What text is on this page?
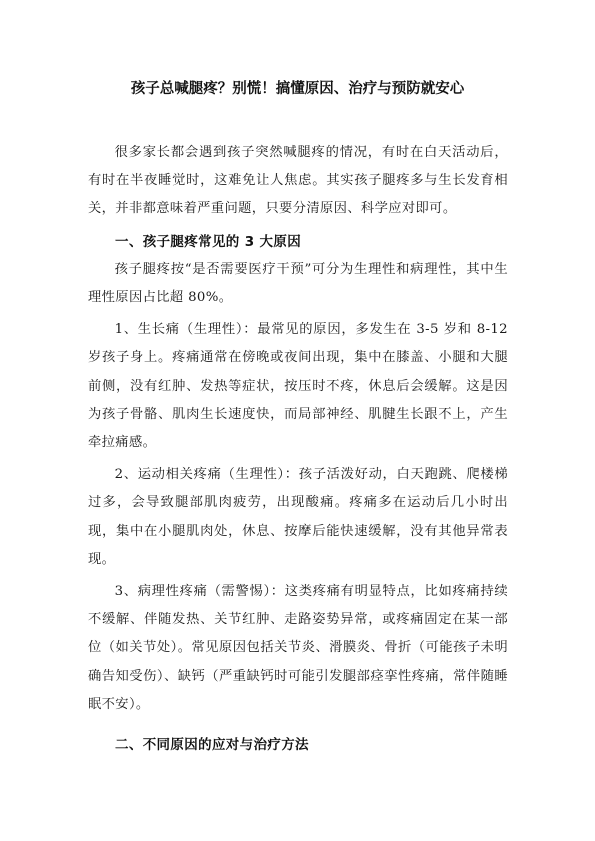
孩子总喊腿疼？别慌！搞懂原因、治疗与预防就安心

很多家长都会遇到孩子突然喊腿疼的情况，有时在白天活动后，有时在半夜睡觉时，这难免让人焦虑。其实孩子腿疼多与生长发育相关，并非都意味着严重问题，只要分清原因、科学应对即可。

一、孩子腿疼常见的 3 大原因

孩子腿疼按“是否需要医疗干预”可分为生理性和病理性，其中生理性原因占比超 80%。

1、生长痛（生理性）：最常见的原因，多发生在 3-5 岁和 8-12 岁孩子身上。疼痛通常在傍晚或夜间出现，集中在膝盖、小腿和大腿前侧，没有红肿、发热等症状，按压时不疼，休息后会缓解。这是因为孩子骨骼、肌肉生长速度快，而局部神经、肌腱生长跟不上，产生牵拉痛感。

2、运动相关疼痛（生理性）：孩子活泼好动，白天跑跳、爬楼梯过多，会导致腿部肌肉疲劳，出现酸痛。疼痛多在运动后几小时出现，集中在小腿肌肉处，休息、按摩后能快速缓解，没有其他异常表现。

3、病理性疼痛（需警惕）：这类疼痛有明显特点，比如疼痛持续不缓解、伴随发热、关节红肿、走路姿势异常，或疼痛固定在某一部位（如关节处）。常见原因包括关节炎、滑膜炎、骨折（可能孩子未明确告知受伤）、缺钙（严重缺钙时可能引发腿部痉挛性疼痛，常伴随睡眠不安）。

二、不同原因的应对与治疗方法
